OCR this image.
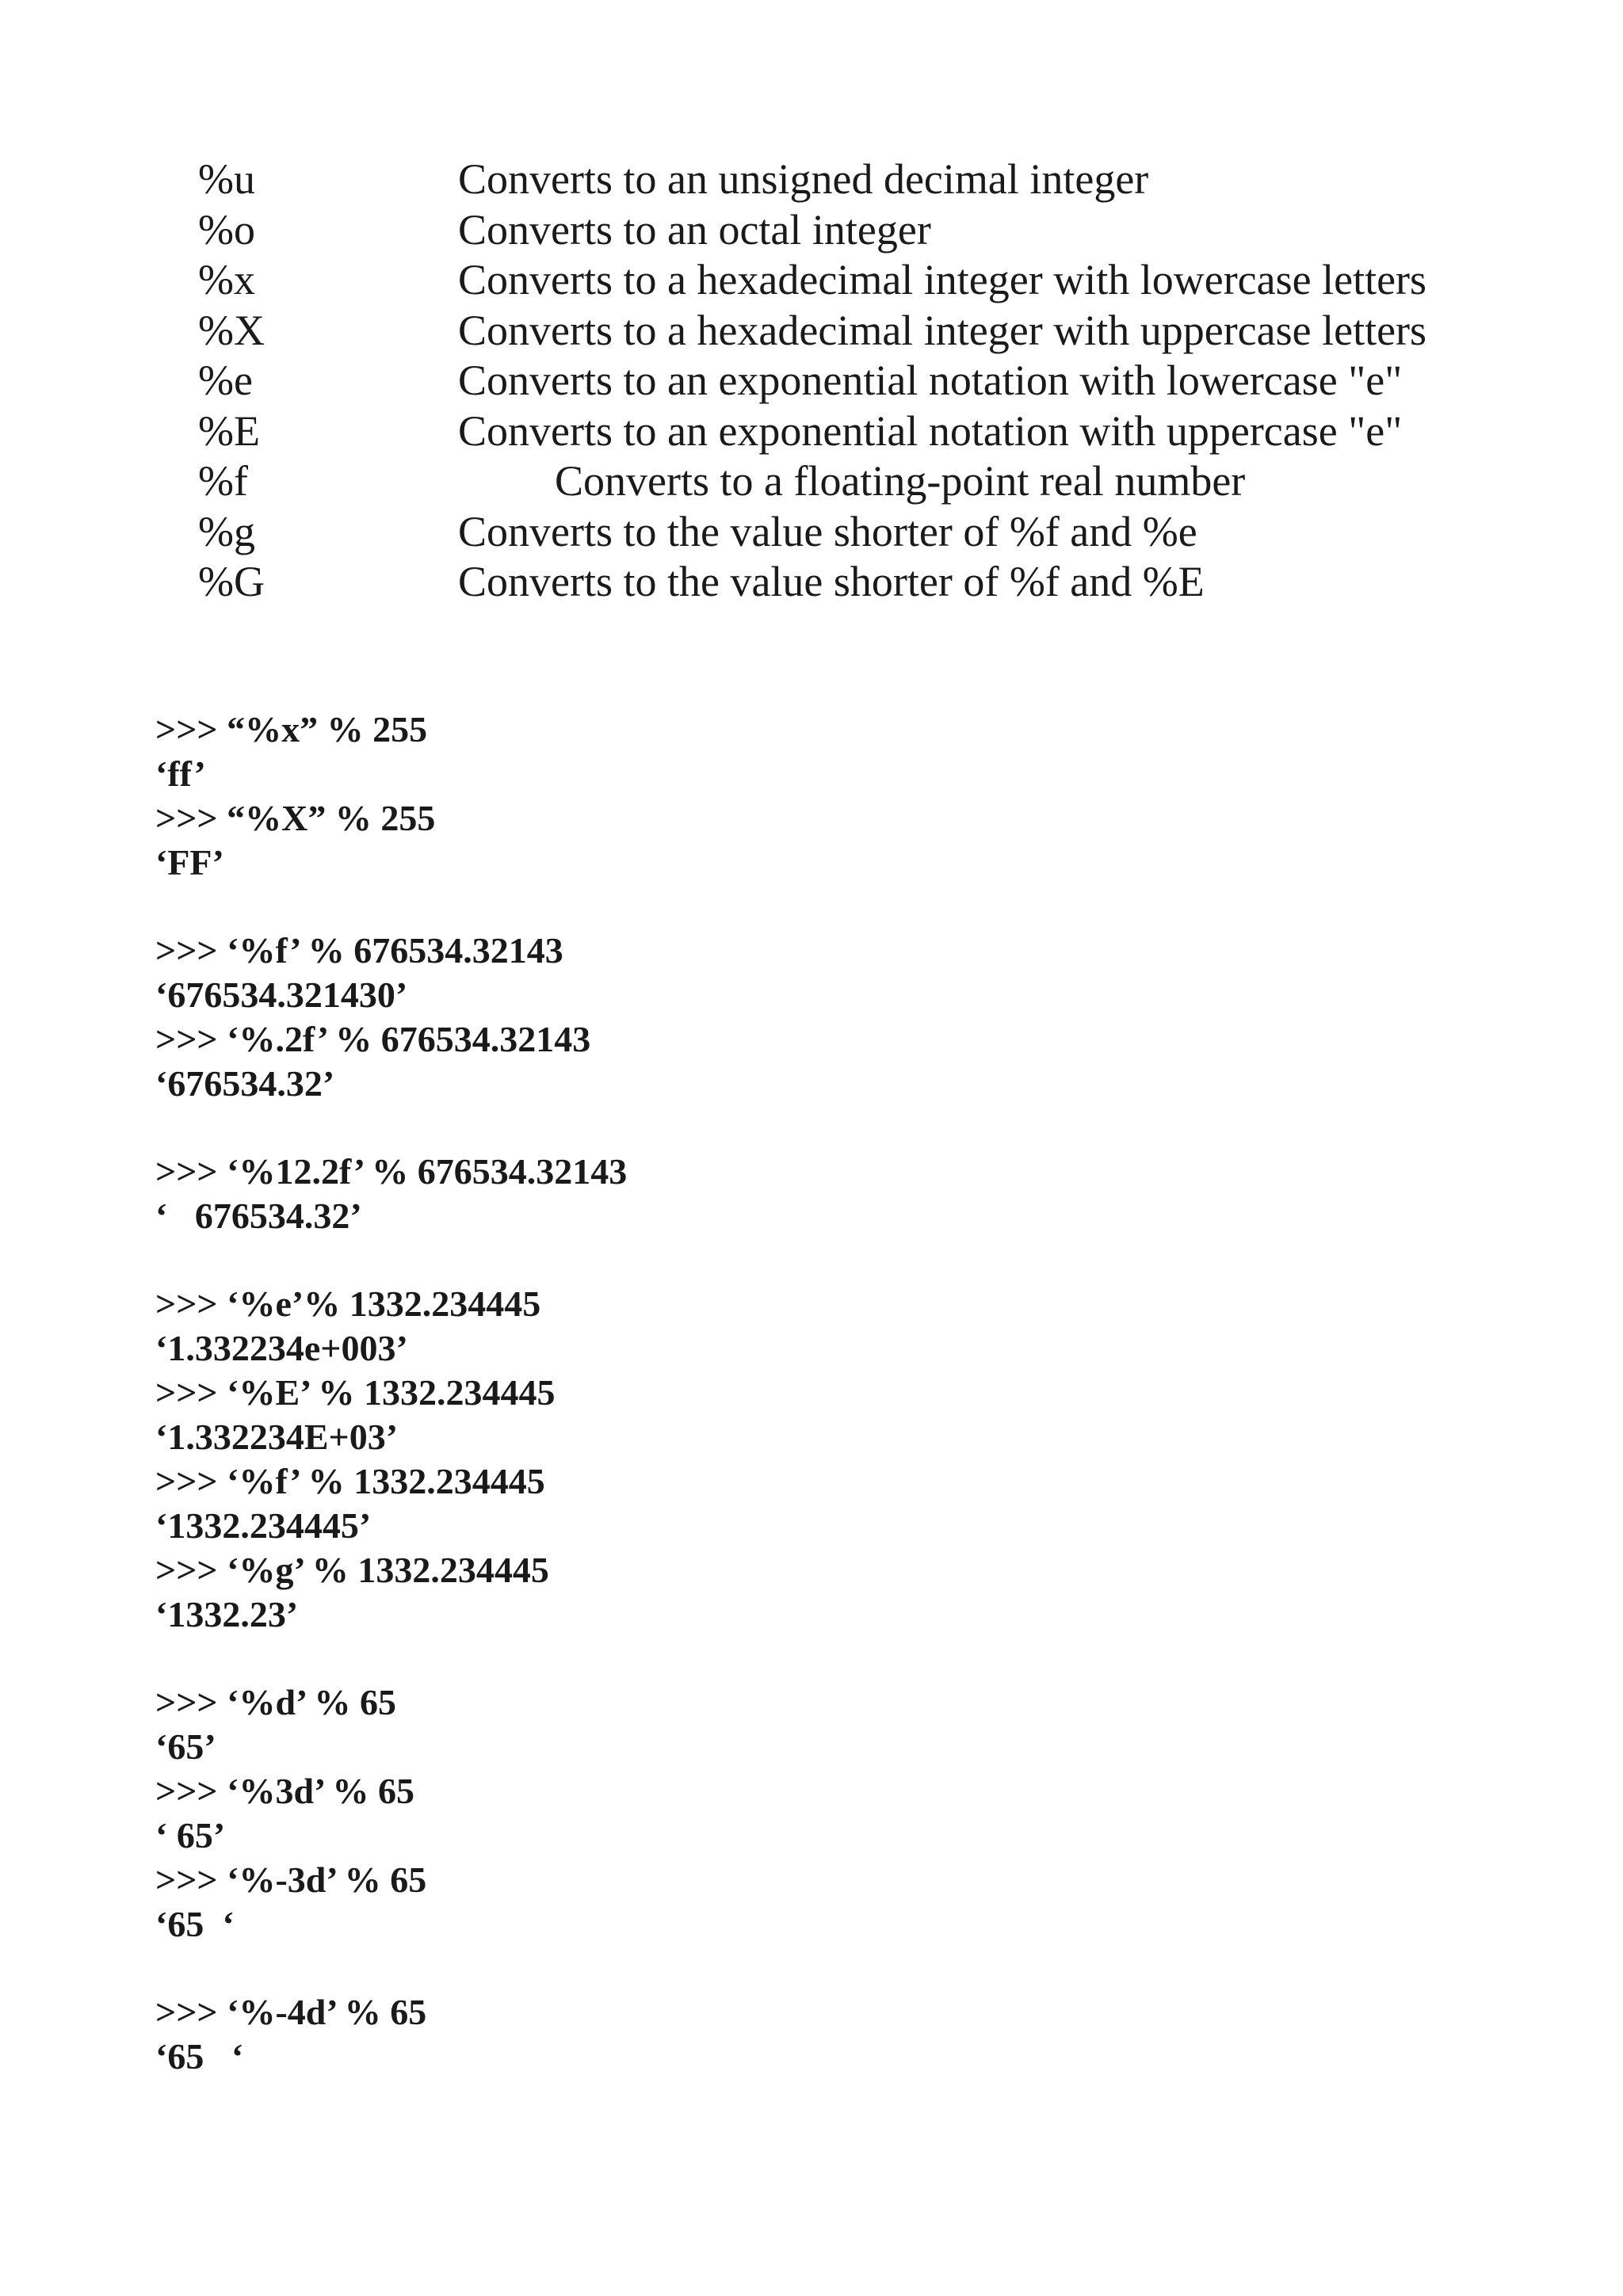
%u	Converts to an unsigned decimal integer
%o	Converts to an octal integer
%x	Converts to a hexadecimal integer with lowercase letters
%X	Converts to a hexadecimal integer with uppercase letters
%e	Converts to an exponential notation with lowercase "e"
%E	Converts to an exponential notation with uppercase "e"
%f	Converts to a floating-point real number
%g	Converts to the value shorter of %f and %e
%G	Converts to the value shorter of %f and %E
>>> “%x” % 255
‘ff’
>>> “%X” % 255
‘FF’
>>> ‘%f’ % 676534.32143
‘676534.321430’
>>> ‘%.2f’ % 676534.32143
‘676534.32’
>>> ‘%12.2f’ % 676534.32143
‘   676534.32’
>>> ‘%e’% 1332.234445
‘1.332234e+003’
>>> ‘%E’ % 1332.234445
‘1.332234E+03’
>>> ‘%f’ % 1332.234445
‘1332.234445’
>>> ‘%g’ % 1332.234445
‘1332.23’
>>> ‘%d’ % 65
‘65’
>>> ‘%3d’ % 65
‘ 65’
>>> ‘%-3d’ % 65
‘65  ‘
>>> ‘%-4d’ % 65
‘65   ‘
